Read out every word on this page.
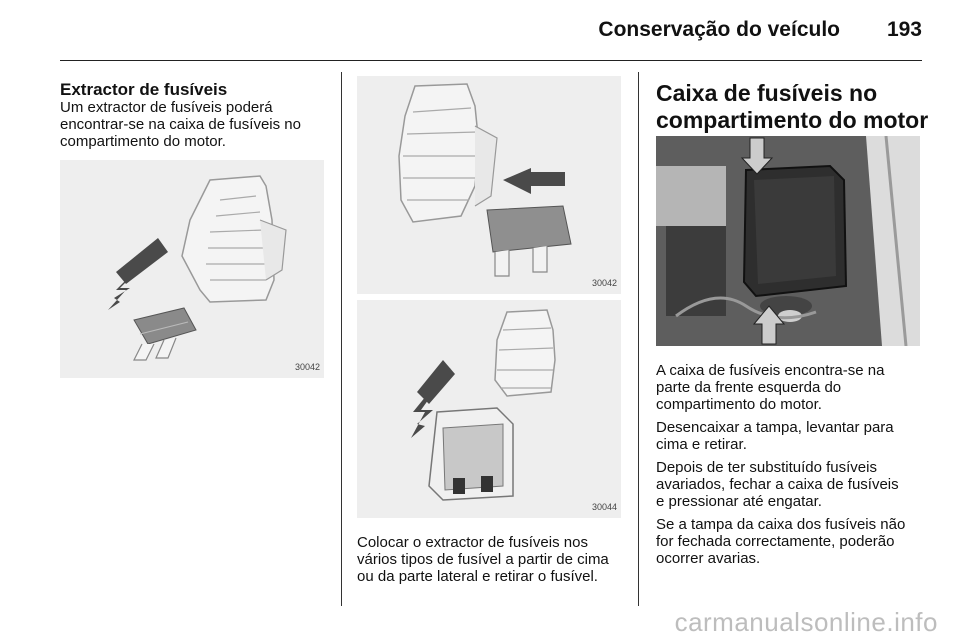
Conservação do veículo 193
Extractor de fusíveis

Um extractor de fusíveis poderá
encontrar-se na caixa de fusíveis no
compartimento do motor.

30042
30042
30044

Colocar o extractor de fusíveis nos
vários tipos de fusível a partir de cima
ou da parte lateral e retirar o fusível.

Caixa de fusíveis no
compartimento do motor

A caixa de fusíveis encontra-se na
parte da frente esquerda do
compartimento do motor.

Desencaixar a tampa, levantar para
cima e retirar.

Depois de ter substituído fusíveis
avariados, fechar a caixa de fusíveis
e pressionar até engatar.

Se a tampa da caixa dos fusíveis não
for fechada correctamente, poderão
ocorrer avarias.

carmanualsonline.info
